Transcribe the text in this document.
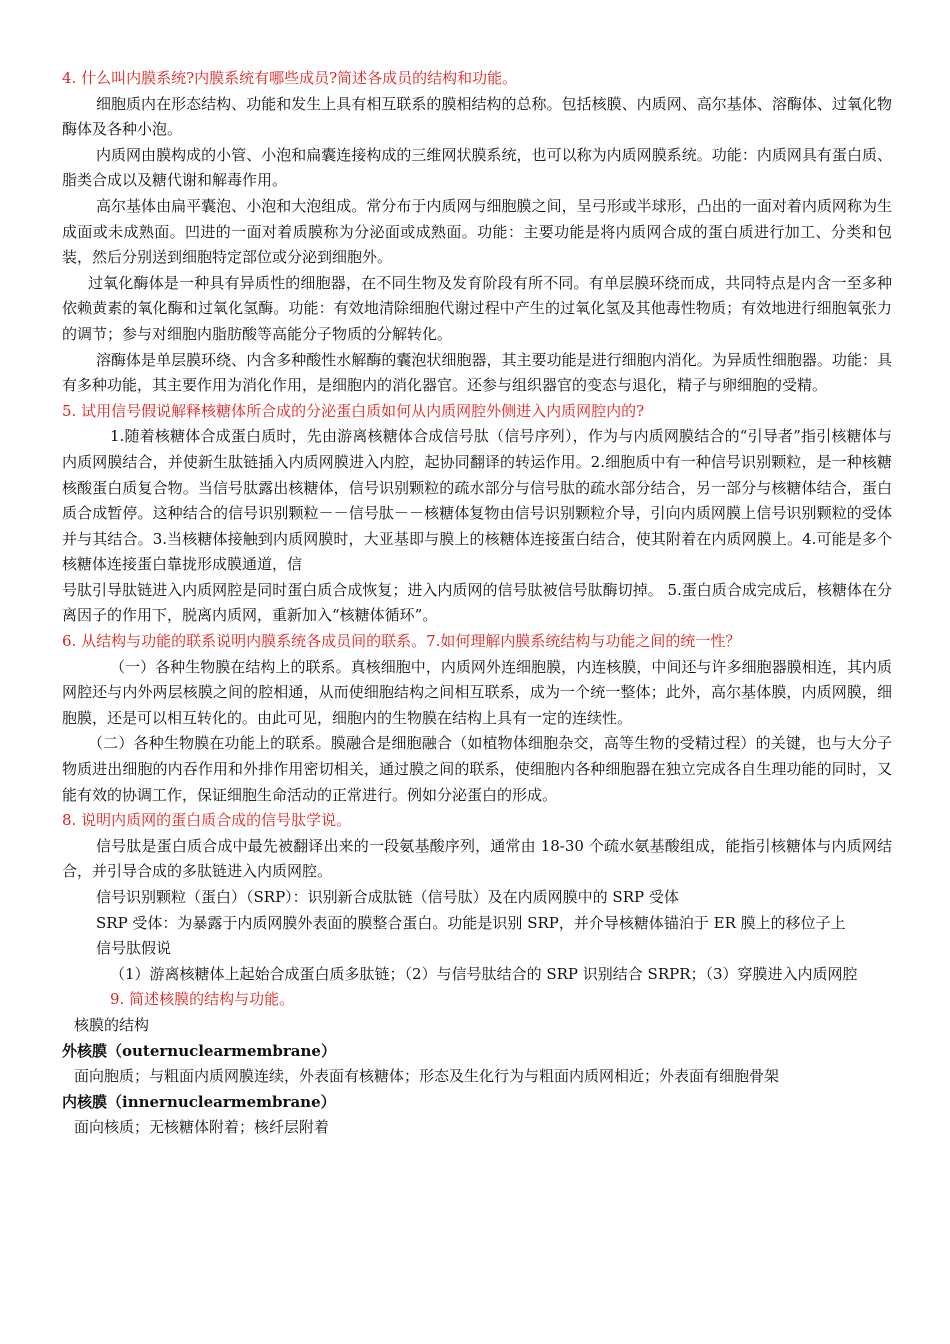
4. 什么叫内膜系统?内膜系统有哪些成员?简述各成员的结构和功能。

细胞质内在形态结构、功能和发生上具有相互联系的膜相结构的总称。包括核膜、内质网、高尔基体、溶酶体、过氧化物酶体及各种小泡。

内质网由膜构成的小管、小泡和扁囊连接构成的三维网状膜系统，也可以称为内质网膜系统。功能：内质网具有蛋白质、脂类合成以及糖代谢和解毒作用。

高尔基体由扁平囊泡、小泡和大泡组成。常分布于内质网与细胞膜之间，呈弓形或半球形，凸出的一面对着内质网称为生成面或未成熟面。凹进的一面对着质膜称为分泌面或成熟面。功能：主要功能是将内质网合成的蛋白质进行加工、分类和包装，然后分别送到细胞特定部位或分泌到细胞外。

过氧化酶体是一种具有异质性的细胞器，在不同生物及发育阶段有所不同。有单层膜环绕而成，共同特点是内含一至多种依赖黄素的氧化酶和过氧化氢酶。功能：有效地清除细胞代谢过程中产生的过氧化氢及其他毒性物质；有效地进行细胞氧张力的调节；参与对细胞内脂肪酸等高能分子物质的分解转化。

溶酶体是单层膜环绕、内含多种酸性水解酶的囊泡状细胞器，其主要功能是进行细胞内消化。为异质性细胞器。功能：具有多种功能，其主要作用为消化作用，是细胞内的消化器官。还参与组织器官的变态与退化，精子与卵细胞的受精。

5. 试用信号假说解释核糖体所合成的分泌蛋白质如何从内质网腔外侧进入内质网腔内的?

1.随着核糖体合成蛋白质时，先由游离核糖体合成信号肽（信号序列），作为与内质网膜结合的“引导者”指引核糖体与内质网膜结合，并使新生肽链插入内质网膜进入内腔，起协同翻译的转运作用。2.细胞质中有一种信号识别颗粒，是一种核糖核酸蛋白质复合物。当信号肽露出核糖体，信号识别颗粒的疏水部分与信号肽的疏水部分结合，另一部分与核糖体结合，蛋白质合成暂停。这种结合的信号识别颗粒－－信号肽－－核糖体复物由信号识别颗粒介导，引向内质网膜上信号识别颗粒的受体并与其结合。3.当核糖体接触到内质网膜时，大亚基即与膜上的核糖体连接蛋白结合，使其附着在内质网膜上。4.可能是多个核糖体连接蛋白靠拢形成膜通道，信

号肽引导肽链进入内质网腔是同时蛋白质合成恢复；进入内质网的信号肽被信号肽酶切掉。 5.蛋白质合成完成后，核糖体在分离因子的作用下，脱离内质网，重新加入“核糖体循环”。

6. 从结构与功能的联系说明内膜系统各成员间的联系。7.如何理解内膜系统结构与功能之间的统一性？

（一）各种生物膜在结构上的联系。真核细胞中，内质网外连细胞膜，内连核膜，中间还与许多细胞器膜相连，其内质网腔还与内外两层核膜之间的腔相通，从而使细胞结构之间相互联系，成为一个统一整体；此外，高尔基体膜，内质网膜，细胞膜，还是可以相互转化的。由此可见，细胞内的生物膜在结构上具有一定的连续性。

（二）各种生物膜在功能上的联系。膜融合是细胞融合（如植物体细胞杂交，高等生物的受精过程）的关键，也与大分子物质进出细胞的内吞作用和外排作用密切相关，通过膜之间的联系，使细胞内各种细胞器在独立完成各自生理功能的同时，又能有效的协调工作，保证细胞生命活动的正常进行。例如分泌蛋白的形成。

8. 说明内质网的蛋白质合成的信号肽学说。

信号肽是蛋白质合成中最先被翻译出来的一段氨基酸序列，通常由 18-30 个疏水氨基酸组成，能指引核糖体与内质网结合，并引导合成的多肽链进入内质网腔。

信号识别颗粒（蛋白）（SRP）：识别新合成肽链（信号肽）及在内质网膜中的 SRP 受体

SRP 受体：为暴露于内质网膜外表面的膜整合蛋白。功能是识别 SRP，并介导核糖体锚泊于 ER 膜上的移位子上

信号肽假说

（1）游离核糖体上起始合成蛋白质多肽链；（2）与信号肽结合的 SRP 识别结合 SRPR；（3）穿膜进入内质网腔

9. 简述核膜的结构与功能。

核膜的结构

外核膜（outernuclearmembrane）

面向胞质；与粗面内质网膜连续，外表面有核糖体；形态及生化行为与粗面内质网相近；外表面有细胞骨架

内核膜（innernuclearmembrane）

面向核质；无核糖体附着；核纤层附着
